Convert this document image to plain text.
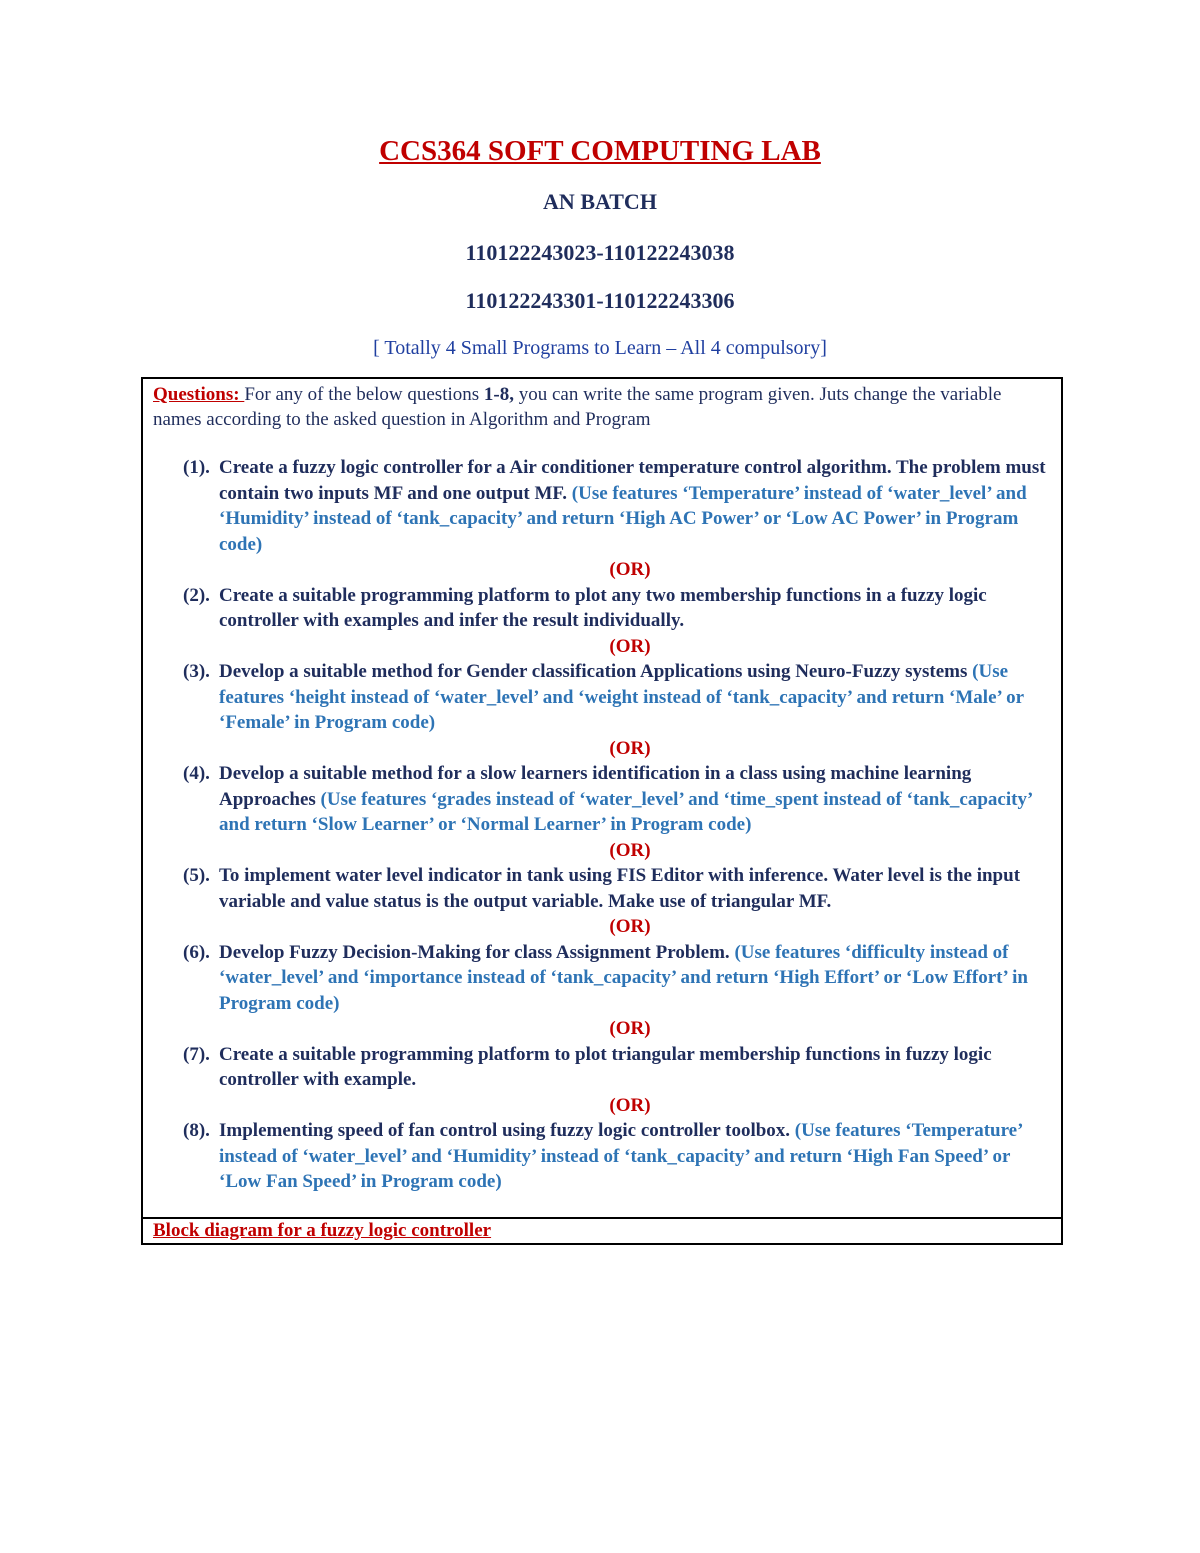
CCS364 SOFT COMPUTING LAB
AN BATCH
110122243023-110122243038
110122243301-110122243306
[ Totally 4 Small Programs to Learn – All 4 compulsory]

Questions: For any of the below questions 1-8, you can write the same program given. Juts change the variable names according to the asked question in Algorithm and Program

(1). Create a fuzzy logic controller for a Air conditioner temperature control algorithm. The problem must contain two inputs MF and one output MF. (Use features ‘Temperature’ instead of ‘water_level’ and ‘Humidity’ instead of ‘tank_capacity’ and return ‘High AC Power’ or ‘Low AC Power’ in Program code)
(OR)
(2). Create a suitable programming platform to plot any two membership functions in a fuzzy logic controller with examples and infer the result individually.
(OR)
(3). Develop a suitable method for Gender classification Applications using Neuro-Fuzzy systems (Use features ‘height instead of ‘water_level’ and ‘weight instead of ‘tank_capacity’ and return ‘Male’ or ‘Female’ in Program code)
(OR)
(4). Develop a suitable method for a slow learners identification in a class using machine learning Approaches (Use features ‘grades instead of ‘water_level’ and ‘time_spent instead of ‘tank_capacity’ and return ‘Slow Learner’ or ‘Normal Learner’ in Program code)
(OR)
(5). To implement water level indicator in tank using FIS Editor with inference. Water level is the input variable and value status is the output variable. Make use of triangular MF.
(OR)
(6). Develop Fuzzy Decision-Making for class Assignment Problem. (Use features ‘difficulty instead of ‘water_level’ and ‘importance instead of ‘tank_capacity’ and return ‘High Effort’ or ‘Low Effort’ in Program code)
(OR)
(7). Create a suitable programming platform to plot triangular membership functions in fuzzy logic controller with example.
(OR)
(8). Implementing speed of fan control using fuzzy logic controller toolbox. (Use features ‘Temperature’ instead of ‘water_level’ and ‘Humidity’ instead of ‘tank_capacity’ and return ‘High Fan Speed’ or ‘Low Fan Speed’ in Program code)
Block diagram for a fuzzy logic controller
